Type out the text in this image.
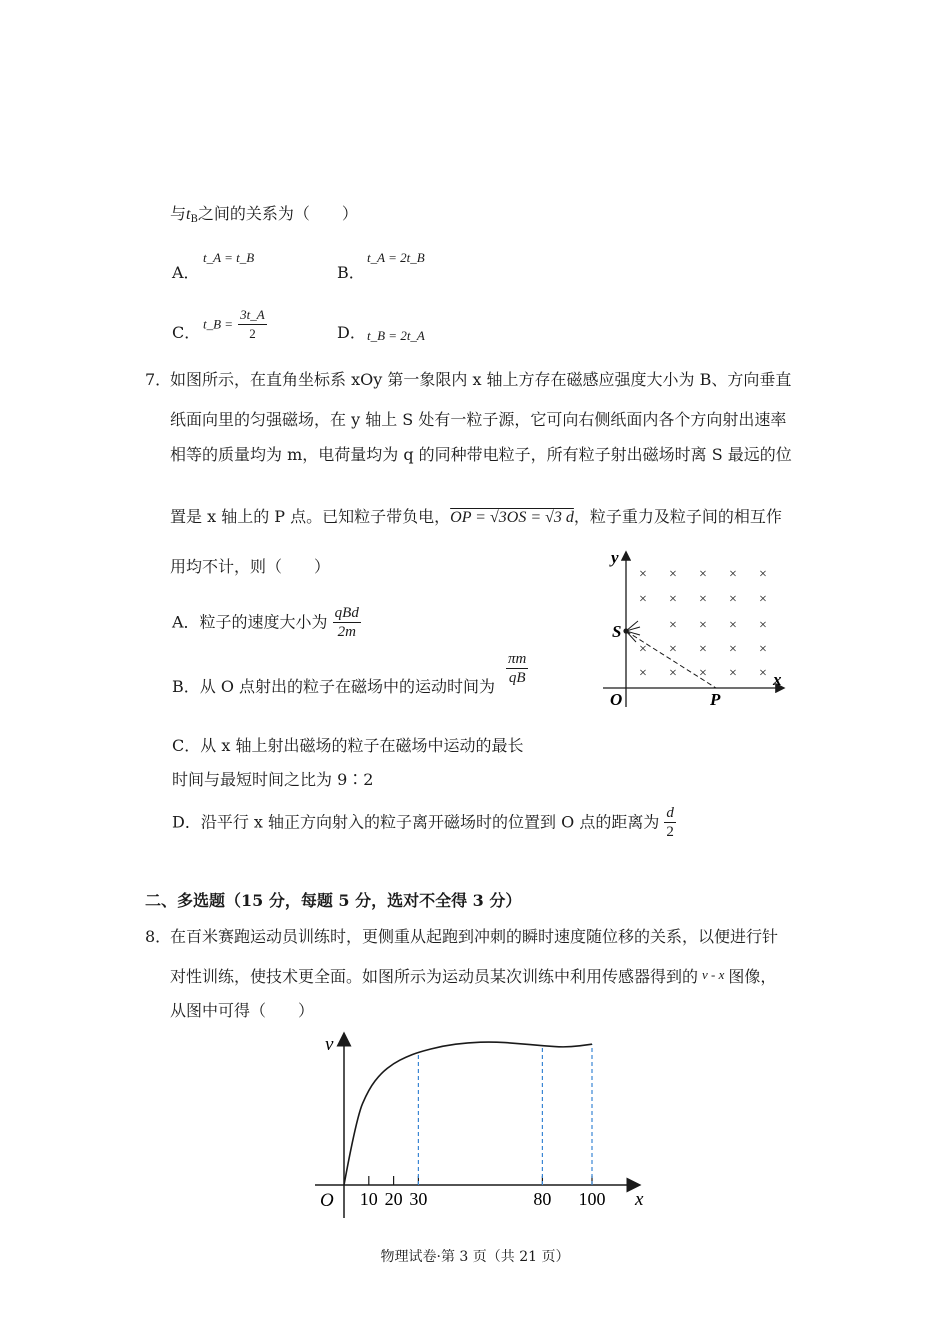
与$t_B$之间的关系为（　　）
A．
t_A = t_B
B．
t_A = 2t_B
C． t_B = $\frac{3t\_A}{2}$	D． t_B = 2t_A
7．
如图所示，在直角坐标系 xOy 第一象限内 x 轴上方存在磁感应强度大小为 B、方向垂直
纸面向里的匀强磁场，在 y 轴上 S 处有一粒子源，它可向右侧纸面内各个方向射出速率
相等的质量均为 m，电荷量均为 q 的同种带电粒子，所有粒子射出磁场时离 S 最远的位
置是 x 轴上的 P 点。已知粒子带负电，OP = √3OS = √3 d，粒子重力及粒子间的相互作
用均不计，则（　　）
A．粒子的速度大小为 $\frac{\text{qBd}}{2m}$
B．从 O 点射出的粒子在磁场中的运动时间为 $\frac{\pi m}{qB}$
C．从 x 轴上射出磁场的粒子在磁场中运动的最长
时间与最短时间之比为 9∶2
D．沿平行 x 轴正方向射入的粒子离开磁场时的位置到 O 点的距离为 $\frac{d}{2}$
y
x
O
S
P
× × × × ×
× × × × ×
× × × ×
× × × × ×
× × × × ×
二、多选题（15 分，每题 5 分，选对不全得 3 分）
8．
在百米赛跑运动员训练时，更侧重从起跑到冲刺的瞬时速度随位移的关系，以便进行针
对性训练，使技术更全面。如图所示为运动员某次训练中利用传感器得到的 v - x 图像，
从图中可得（　　）
v
x
O 10 20 30	80 100
物理试卷·第 3 页（共 21 页）
